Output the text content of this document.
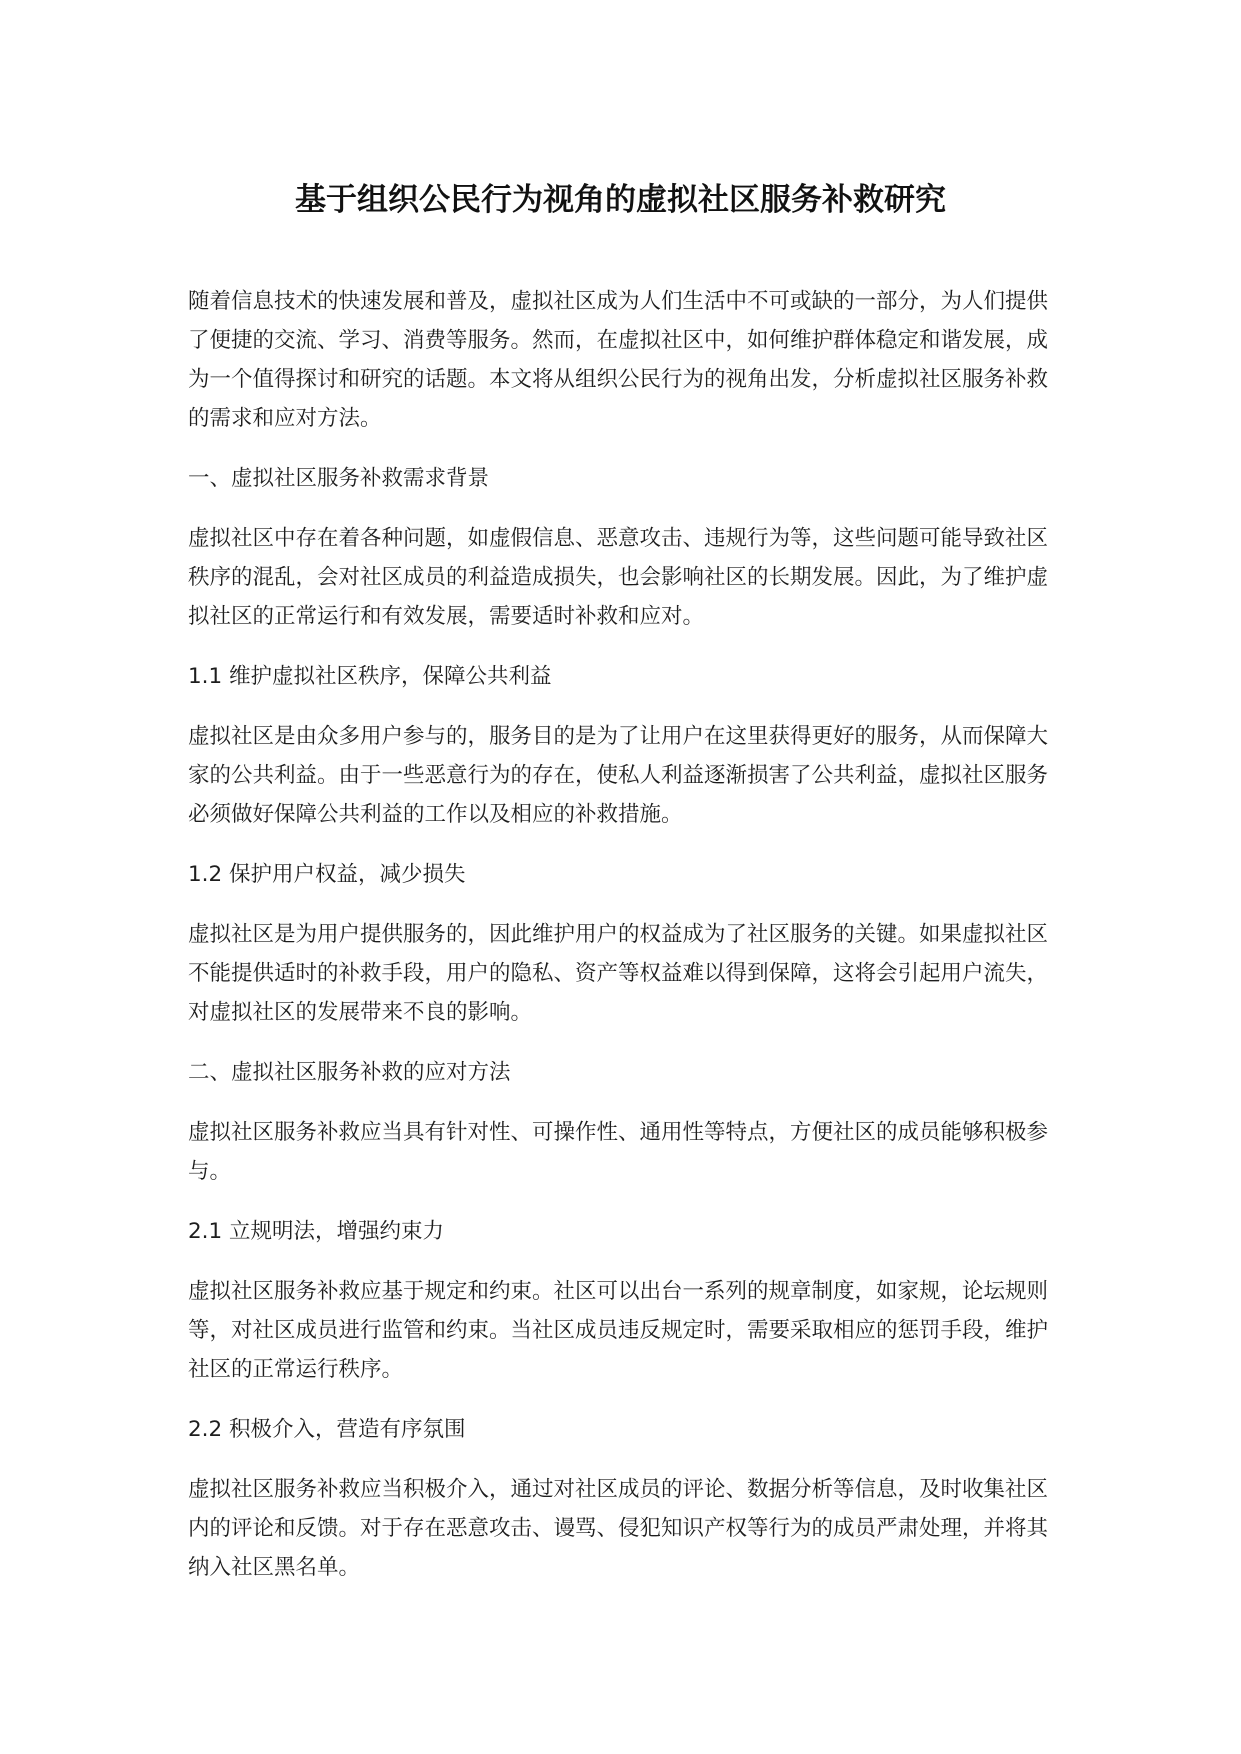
基于组织公民行为视角的虚拟社区服务补救研究

随着信息技术的快速发展和普及，虚拟社区成为人们生活中不可或缺的一部分，为人们提供了便捷的交流、学习、消费等服务。然而，在虚拟社区中，如何维护群体稳定和谐发展，成为一个值得探讨和研究的话题。本文将从组织公民行为的视角出发，分析虚拟社区服务补救的需求和应对方法。

一、虚拟社区服务补救需求背景

虚拟社区中存在着各种问题，如虚假信息、恶意攻击、违规行为等，这些问题可能导致社区秩序的混乱，会对社区成员的利益造成损失，也会影响社区的长期发展。因此，为了维护虚拟社区的正常运行和有效发展，需要适时补救和应对。

1.1 维护虚拟社区秩序，保障公共利益

虚拟社区是由众多用户参与的，服务目的是为了让用户在这里获得更好的服务，从而保障大家的公共利益。由于一些恶意行为的存在，使私人利益逐渐损害了公共利益，虚拟社区服务必须做好保障公共利益的工作以及相应的补救措施。

1.2 保护用户权益，减少损失

虚拟社区是为用户提供服务的，因此维护用户的权益成为了社区服务的关键。如果虚拟社区不能提供适时的补救手段，用户的隐私、资产等权益难以得到保障，这将会引起用户流失，对虚拟社区的发展带来不良的影响。

二、虚拟社区服务补救的应对方法

虚拟社区服务补救应当具有针对性、可操作性、通用性等特点，方便社区的成员能够积极参与。

2.1 立规明法，增强约束力

虚拟社区服务补救应基于规定和约束。社区可以出台一系列的规章制度，如家规，论坛规则等，对社区成员进行监管和约束。当社区成员违反规定时，需要采取相应的惩罚手段，维护社区的正常运行秩序。

2.2 积极介入，营造有序氛围

虚拟社区服务补救应当积极介入，通过对社区成员的评论、数据分析等信息，及时收集社区内的评论和反馈。对于存在恶意攻击、谩骂、侵犯知识产权等行为的成员严肃处理，并将其纳入社区黑名单。
